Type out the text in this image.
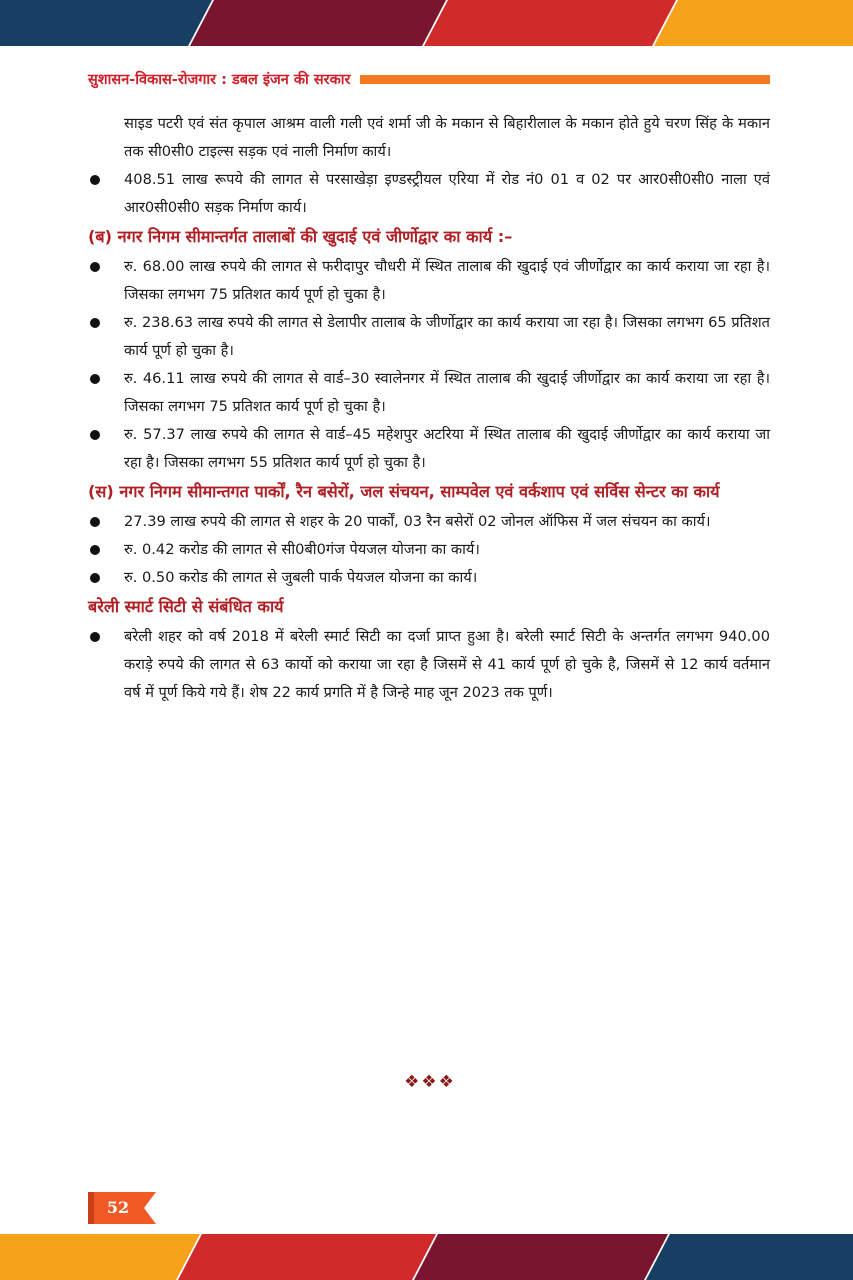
सुशासन-विकास-रोजगार : डबल इंजन की सरकार

साइड पटरी एवं संत कृपाल आश्रम वाली गली एवं शर्मा जी के मकान से बिहारीलाल के मकान होते हुये चरण सिंह के मकान तक सी0सी0 टाइल्स सड़क एवं नाली निर्माण कार्य।

408.51 लाख रूपये की लागत से परसाखेड़ा इण्डस्ट्रीयल एरिया में रोड नं0 01 व 02 पर आर0सी0सी0 नाला एवं आर0सी0सी0 सड़क निर्माण कार्य।

(ब) नगर निगम सीमान्तर्गत तालाबों की खुदाई एवं जीर्णोद्वार का कार्य :–

रु. 68.00 लाख रुपये की लागत से फरीदापुर चौधरी में स्थित तालाब की खुदाई एवं जीर्णोद्वार का कार्य कराया जा रहा है। जिसका लगभग 75 प्रतिशत कार्य पूर्ण हो चुका है।

रु. 238.63 लाख रुपये की लागत से डेलापीर तालाब के जीर्णोद्वार का कार्य कराया जा रहा है। जिसका लगभग 65 प्रतिशत कार्य पूर्ण हो चुका है।

रु. 46.11 लाख रुपये की लागत से वार्ड–30 स्वालेनगर में स्थित तालाब की खुदाई जीर्णोद्वार का कार्य कराया जा रहा है। जिसका लगभग 75 प्रतिशत कार्य पूर्ण हो चुका है।

रु. 57.37 लाख रुपये की लागत से वार्ड–45 महेशपुर अटरिया में स्थित तालाब की खुदाई जीर्णोद्वार का कार्य कराया जा रहा है। जिसका लगभग 55 प्रतिशत कार्य पूर्ण हो चुका है।

(स) नगर निगम सीमान्तगत पार्कों, रैन बसेरों, जल संचयन, साम्पवेल एवं वर्कशाप एवं सर्विस सेन्टर का कार्य

27.39 लाख रुपये की लागत से शहर के 20 पार्कों, 03 रैन बसेरों 02 जोनल ऑफिस में जल संचयन का कार्य।

रु. 0.42 करोड की लागत से सी0बी0गंज पेयजल योजना का कार्य।

रु. 0.50 करोड की लागत से जुबली पार्क पेयजल योजना का कार्य।

बरेली स्मार्ट सिटी से संबंधित कार्य

बरेली शहर को वर्ष 2018 में बरेली स्मार्ट सिटी का दर्जा प्राप्त हुआ है। बरेली स्मार्ट सिटी के अन्तर्गत लगभग 940.00 कराड़े रुपये की लागत से 63 कार्यो को कराया जा रहा है जिसमें से 41 कार्य पूर्ण हो चुके है, जिसमें से 12 कार्य वर्तमान वर्ष में पूर्ण किये गये हैं। शेष 22 कार्य प्रगति में है जिन्हे माह जून 2023 तक पूर्ण।

❖❖❖
52
